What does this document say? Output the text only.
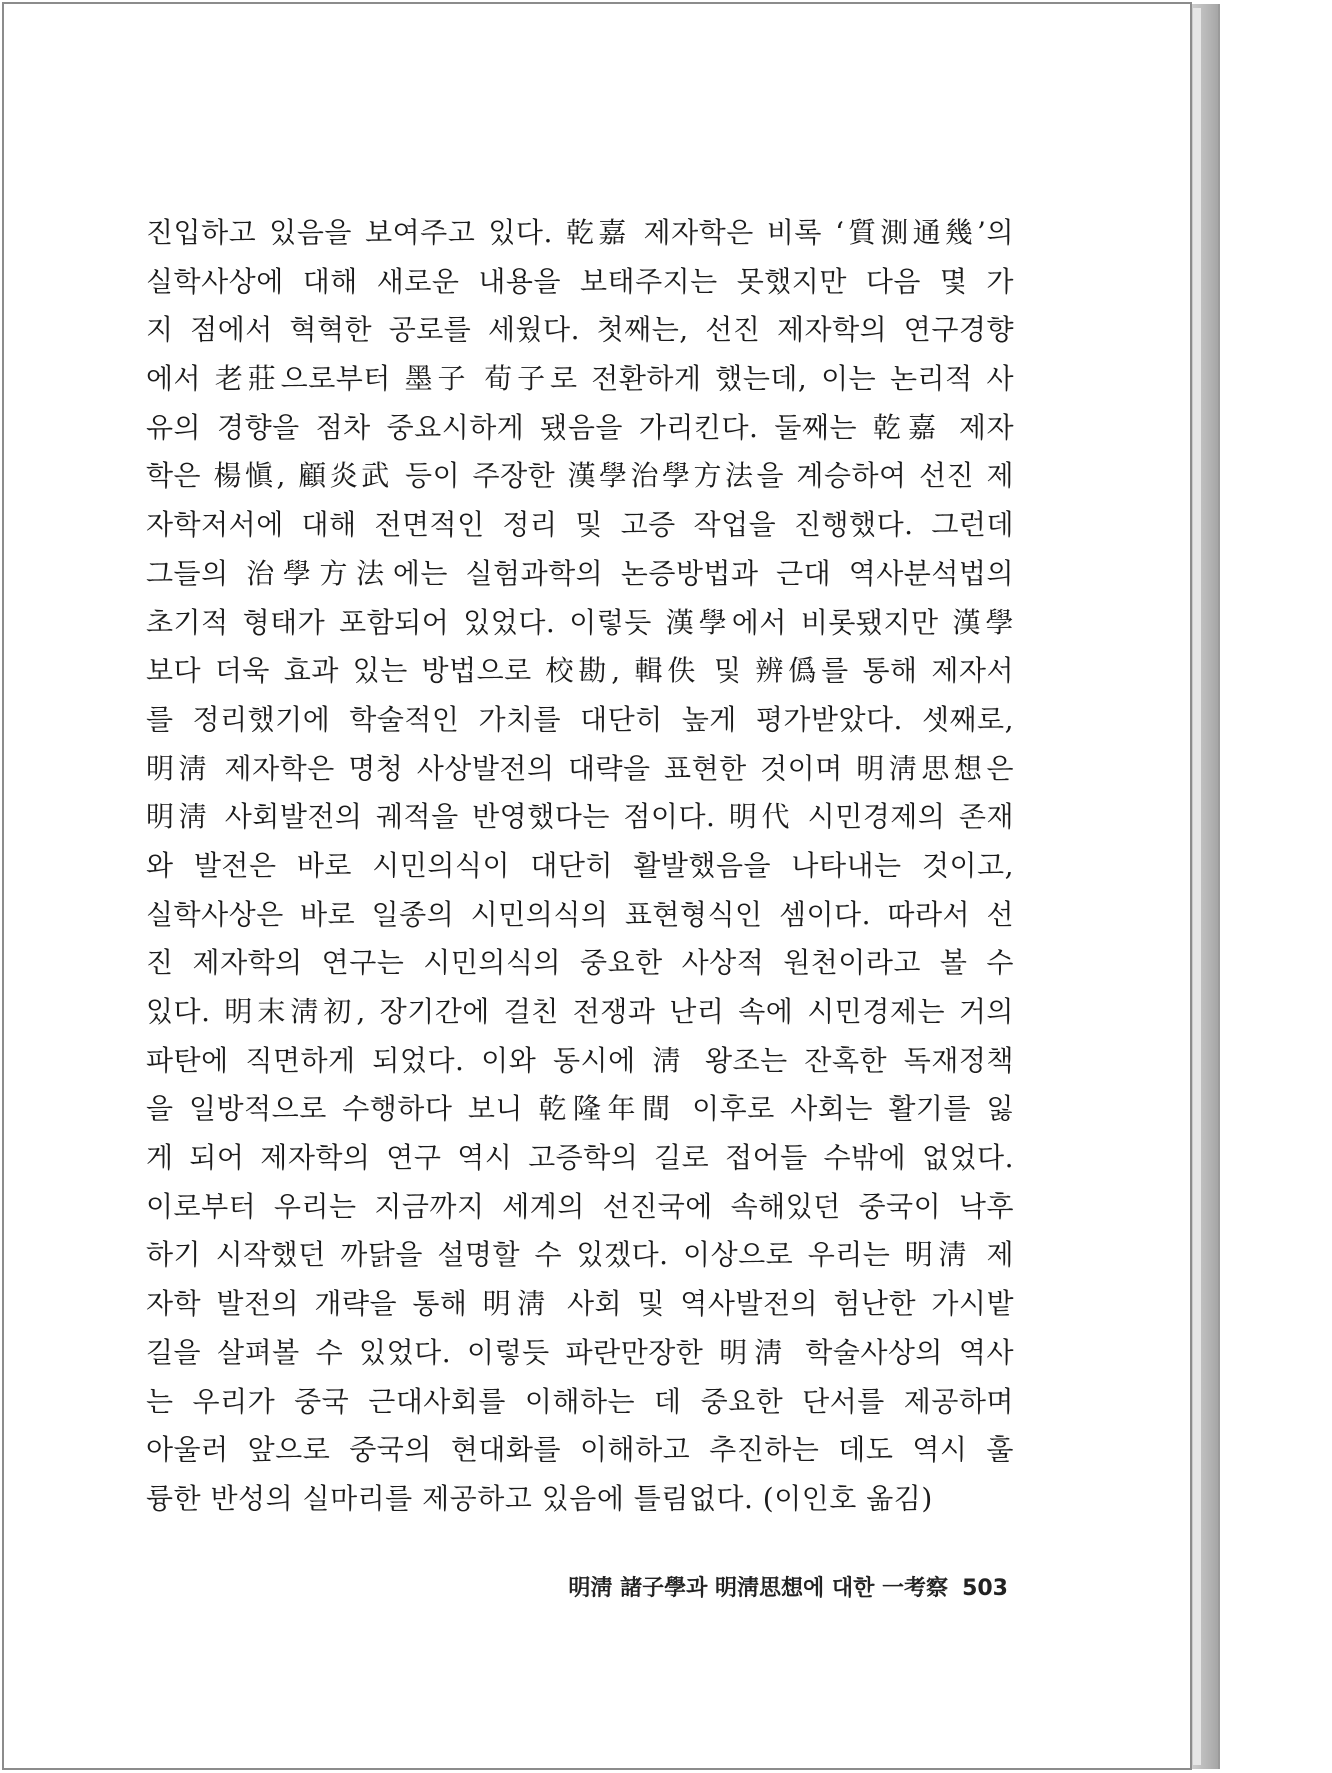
진입하고 있음을 보여주고 있다. 乾嘉 제자학은 비록 ‘質測通幾’의
실학사상에 대해 새로운 내용을 보태주지는 못했지만 다음 몇 가
지 점에서 혁혁한 공로를 세웠다. 첫째는, 선진 제자학의 연구경향
에서 老莊으로부터 墨子 荀子로 전환하게 했는데, 이는 논리적 사
유의 경향을 점차 중요시하게 됐음을 가리킨다. 둘째는 乾嘉 제자
학은 楊愼, 顧炎武 등이 주장한 漢學治學方法을 계승하여 선진 제
자학저서에 대해 전면적인 정리 및 고증 작업을 진행했다. 그런데
그들의 治學方法에는 실험과학의 논증방법과 근대 역사분석법의
초기적 형태가 포함되어 있었다. 이렇듯 漢學에서 비롯됐지만 漢學
보다 더욱 효과 있는 방법으로 校勘, 輯佚 및 辨僞를 통해 제자서
를 정리했기에 학술적인 가치를 대단히 높게 평가받았다. 셋째로,
明淸 제자학은 명청 사상발전의 대략을 표현한 것이며 明淸思想은
明淸 사회발전의 궤적을 반영했다는 점이다. 明代 시민경제의 존재
와 발전은 바로 시민의식이 대단히 활발했음을 나타내는 것이고,
실학사상은 바로 일종의 시민의식의 표현형식인 셈이다. 따라서 선
진 제자학의 연구는 시민의식의 중요한 사상적 원천이라고 볼 수
있다. 明末淸初, 장기간에 걸친 전쟁과 난리 속에 시민경제는 거의
파탄에 직면하게 되었다. 이와 동시에 淸 왕조는 잔혹한 독재정책
을 일방적으로 수행하다 보니 乾隆年間 이후로 사회는 활기를 잃
게 되어 제자학의 연구 역시 고증학의 길로 접어들 수밖에 없었다.
이로부터 우리는 지금까지 세계의 선진국에 속해있던 중국이 낙후
하기 시작했던 까닭을 설명할 수 있겠다. 이상으로 우리는 明淸 제
자학 발전의 개략을 통해 明淸 사회 및 역사발전의 험난한 가시밭
길을 살펴볼 수 있었다. 이렇듯 파란만장한 明淸 학술사상의 역사
는 우리가 중국 근대사회를 이해하는 데 중요한 단서를 제공하며
아울러 앞으로 중국의 현대화를 이해하고 추진하는 데도 역시 훌
륭한 반성의 실마리를 제공하고 있음에 틀림없다. (이인호 옮김)
明淸 諸子學과 明淸思想에 대한 一考察 503
